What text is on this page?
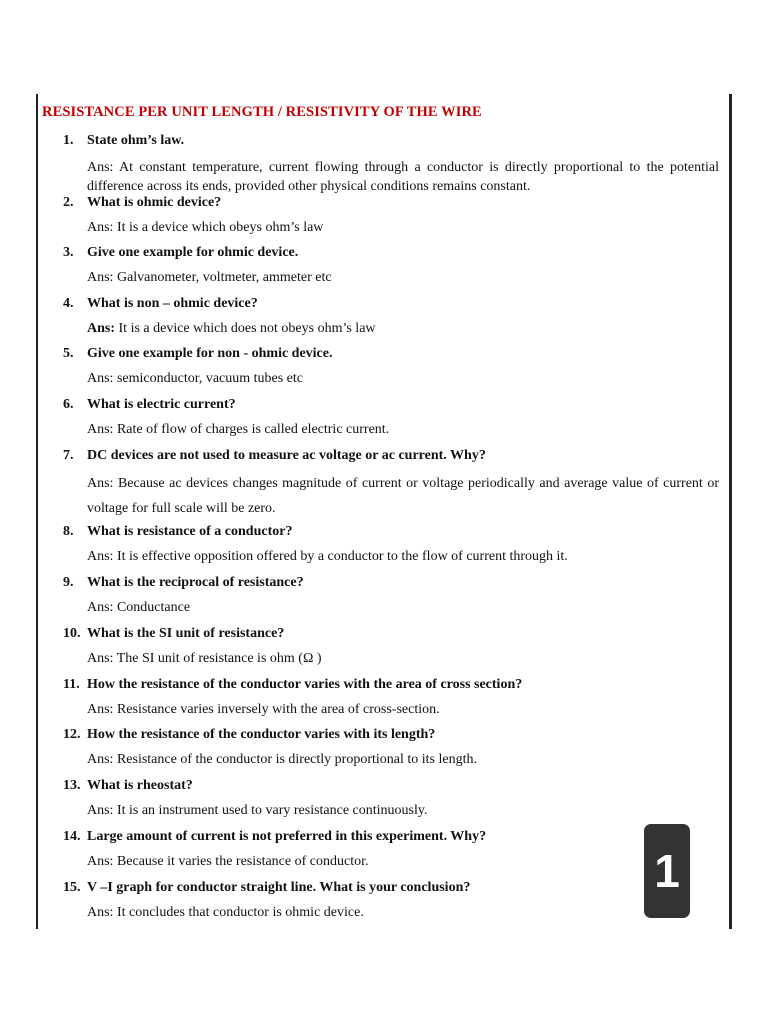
RESISTANCE PER UNIT LENGTH / RESISTIVITY OF THE WIRE
1. State ohm’s law.
Ans: At constant temperature, current flowing through a conductor is directly proportional to the potential difference across its ends, provided other physical conditions remains constant.
2. What is ohmic device?
Ans: It is a device which obeys ohm’s law
3. Give one example for ohmic device.
Ans: Galvanometer, voltmeter, ammeter etc
4. What is non – ohmic device?
Ans: It is a device which does not obeys ohm’s law
5. Give one example for non - ohmic device.
Ans: semiconductor, vacuum tubes etc
6. What is electric current?
Ans: Rate of flow of charges is called electric current.
7. DC devices are not used to measure ac voltage or ac current. Why?
Ans: Because ac devices changes magnitude of current or voltage periodically and average value of current or voltage for full scale will be zero.
8. What is resistance of a conductor?
Ans: It is effective opposition offered by a conductor to the flow of current through it.
9. What is the reciprocal of resistance?
Ans: Conductance
10. What is the SI unit of resistance?
Ans: The SI unit of resistance is ohm (Ω )
11. How the resistance of the conductor varies with the area of cross section?
Ans: Resistance varies inversely with the area of cross-section.
12. How the resistance of the conductor varies with its length?
Ans: Resistance of the conductor is directly proportional to its length.
13. What is rheostat?
Ans: It is an instrument used to vary resistance continuously.
14. Large amount of current is not preferred in this experiment. Why?
Ans: Because it varies the resistance of conductor.
15. V –I graph for conductor straight line. What is your conclusion?
Ans: It concludes that conductor is ohmic device.
1
